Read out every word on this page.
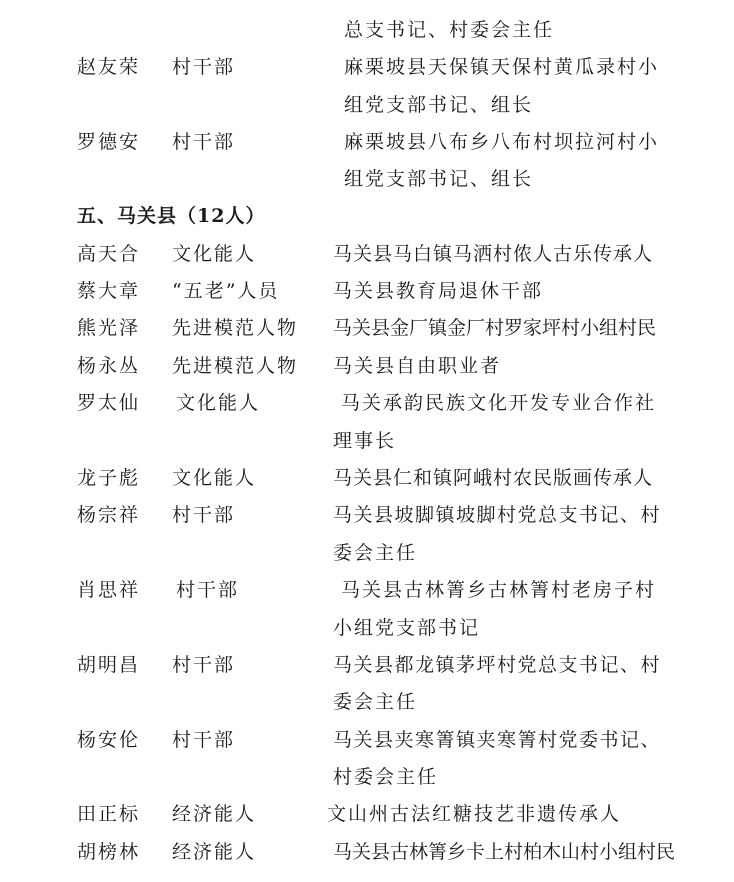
总支书记、村委会主任
赵友荣 村干部	麻栗坡县天保镇天保村黄瓜录村小
组党支部书记、组长
罗德安 村干部	麻栗坡县八布乡八布村坝拉河村小
组党支部书记、组长
五、马关县（12人）
高天合 文化能人	马关县马白镇马洒村侬人古乐传承人
蔡大章 “五老”人员	马关县教育局退休干部
熊光泽 先进模范人物 马关县金厂镇金厂村罗家坪村小组村民
杨永丛 先进模范人物 马关县自由职业者
罗太仙 文化能人	马关承韵民族文化开发专业合作社
理事长
龙子彪 文化能人	马关县仁和镇阿峨村农民版画传承人
杨宗祥 村干部	马关县坡脚镇坡脚村党总支书记、村
委会主任
肖思祥 村干部	马关县古林箐乡古林箐村老房子村
小组党支部书记
胡明昌 村干部	马关县都龙镇茅坪村党总支书记、村
委会主任
杨安伦 村干部	马关县夹寒箐镇夹寒箐村党委书记、
村委会主任
田正标 经济能人	文山州古法红糖技艺非遗传承人
胡榜林 经济能人	马关县古林箐乡卡上村柏木山村小组村民
